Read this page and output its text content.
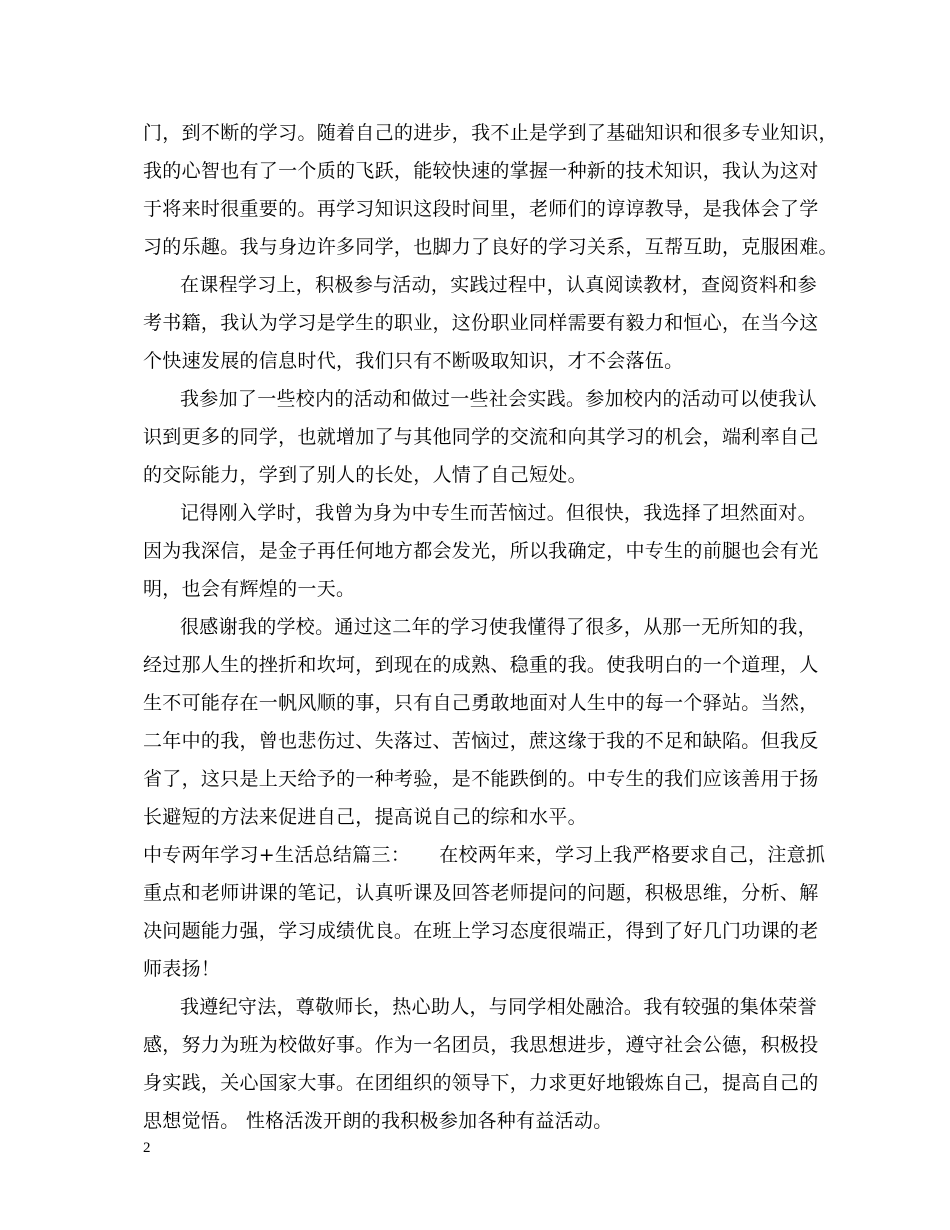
门，到不断的学习。随着自己的进步，我不止是学到了基础知识和很多专业知识，
我的心智也有了一个质的飞跃，能较快速的掌握一种新的技术知识，我认为这对
于将来时很重要的。再学习知识这段时间里，老师们的谆谆教导，是我体会了学
习的乐趣。我与身边许多同学，也脚力了良好的学习关系，互帮互助，克服困难。
在课程学习上，积极参与活动，实践过程中，认真阅读教材，查阅资料和参
考书籍，我认为学习是学生的职业，这份职业同样需要有毅力和恒心，在当今这
个快速发展的信息时代，我们只有不断吸取知识，才不会落伍。
我参加了一些校内的活动和做过一些社会实践。参加校内的活动可以使我认
识到更多的同学，也就增加了与其他同学的交流和向其学习的机会，端利率自己
的交际能力，学到了别人的长处，人情了自己短处。
记得刚入学时，我曾为身为中专生而苦恼过。但很快，我选择了坦然面对。
因为我深信，是金子再任何地方都会发光，所以我确定，中专生的前腿也会有光
明，也会有辉煌的一天。
很感谢我的学校。通过这二年的学习使我懂得了很多，从那一无所知的我，
经过那人生的挫折和坎坷，到现在的成熟、稳重的我。使我明白的一个道理，人
生不可能存在一帆风顺的事，只有自己勇敢地面对人生中的每一个驿站。当然，
二年中的我，曾也悲伤过、失落过、苦恼过，蔗这缘于我的不足和缺陷。但我反
省了，这只是上天给予的一种考验，是不能跌倒的。中专生的我们应该善用于扬
长避短的方法来促进自己，提高说自己的综和水平。
中专两年学习+生活总结篇三：　　在校两年来，学习上我严格要求自己，注意抓
重点和老师讲课的笔记，认真听课及回答老师提问的问题，积极思维，分析、解
决问题能力强，学习成绩优良。在班上学习态度很端正，得到了好几门功课的老
师表扬！
我遵纪守法，尊敬师长，热心助人，与同学相处融洽。我有较强的集体荣誉
感，努力为班为校做好事。作为一名团员，我思想进步，遵守社会公德，积极投
身实践，关心国家大事。在团组织的领导下，力求更好地锻炼自己，提高自己的
思想觉悟。 性格活泼开朗的我积极参加各种有益活动。
2
